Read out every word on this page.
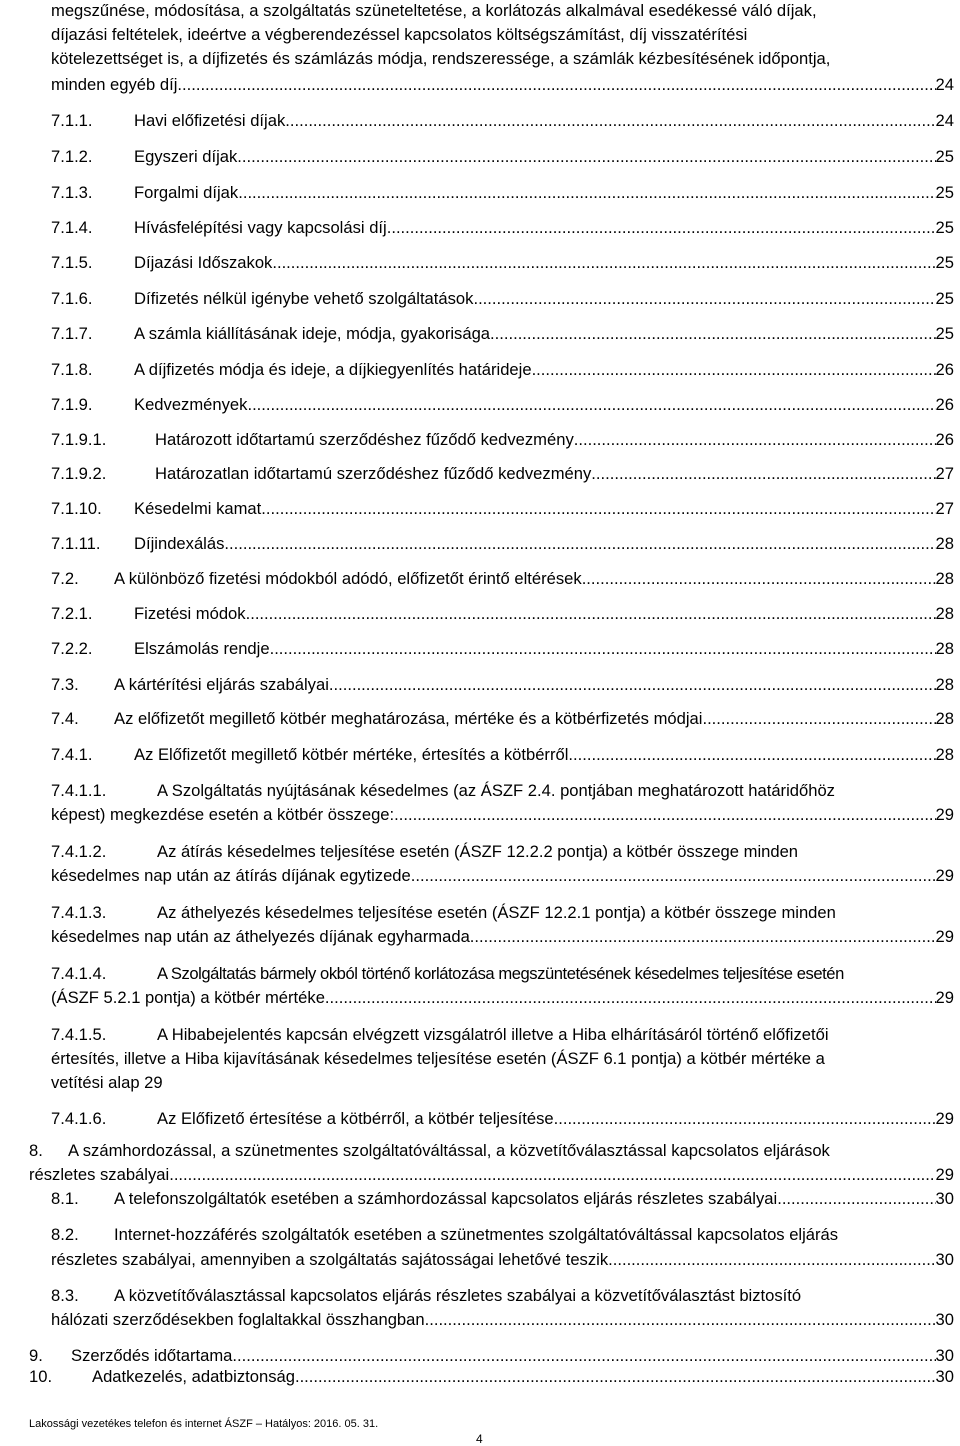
megszűnése, módosítása, a szolgáltatás szüneteltetése, a korlátozás alkalmával esedékessé váló díjak,
díjazási feltételek, ideértve a végberendezéssel kapcsolatos költségszámítást, díj visszatérítési
kötelezettséget is, a díjfizetés és számlázás módja, rendszeressége, a számlák kézbesítésének időpontja,
minden egyéb díj .....	24
7.1.1.	Havi előfizetési díjak .....	24
7.1.2.	Egyszeri díjak .....	25
7.1.3.	Forgalmi díjak .....	25
7.1.4.	Hívásfelépítési vagy kapcsolási díj .....	25
7.1.5.	Díjazási Időszakok .....	25
7.1.6.	Dífizetés nélkül igénybe vehető szolgáltatások .....	25
7.1.7.	A számla kiállításának ideje, módja, gyakorisága .....	25
7.1.8.	A díjfizetés módja és ideje, a díjkiegyenlítés határideje .....	26
7.1.9.	Kedvezmények .....	26
7.1.9.1.	Határozott időtartamú szerződéshez fűződő kedvezmény .....	26
7.1.9.2.	Határozatlan időtartamú szerződéshez fűződő kedvezmény .....	27
7.1.10.	Késedelmi kamat .....	27
7.1.11.	Díjindexálás .....	28
7.2.	A különböző fizetési módokból adódó, előfizetőt érintő eltérések .....	28
7.2.1.	Fizetési módok .....	28
7.2.2.	Elszámolás rendje .....	28
7.3.	A kártérítési eljárás szabályai .....	28
7.4.	Az előfizetőt megillető kötbér meghatározása, mértéke és a kötbérfizetés módjai .....	28
7.4.1.	Az Előfizetőt megillető kötbér mértéke, értesítés a kötbérről .....	28
7.4.1.1.	A Szolgáltatás nyújtásának késedelmes (az ÁSZF 2.4. pontjában meghatározott határidőhöz
képest) megkezdése esetén a kötbér összege: .....	29
7.4.1.2.	Az átírás késedelmes teljesítése esetén (ÁSZF 12.2.2 pontja) a kötbér összege minden
késedelmes nap után az átírás díjának egytizede. .....	29
7.4.1.3.	Az áthelyezés késedelmes teljesítése esetén (ÁSZF 12.2.1 pontja) a kötbér összege minden
késedelmes nap után az áthelyezés díjának egyharmada. .....	29
7.4.1.4.	A Szolgáltatás bármely okból történő korlátozása megszüntetésének késedelmes teljesítése esetén
(ÁSZF 5.2.1 pontja) a kötbér mértéke .....	29
7.4.1.5.	A Hibabejelentés kapcsán elvégzett vizsgálatról illetve a Hiba elhárításáról történő előfizetői
értesítés, illetve a Hiba kijavításának késedelmes teljesítése esetén (ÁSZF 6.1 pontja) a kötbér mértéke a
vetítési alap 29
7.4.1.6.	Az Előfizető értesítése a kötbérről, a kötbér teljesítése .....	29
8. A számhordozással, a szünetmentes szolgáltatóváltással, a közvetítőválasztással kapcsolatos eljárások
részletes szabályai .....	29
8.1.	A telefonszolgáltatók esetében a számhordozással kapcsolatos eljárás részletes szabályai .....	30
8.2. Internet-hozzáférés szolgáltatók esetében a szünetmentes szolgáltatóváltással kapcsolatos eljárás
részletes szabályai, amennyiben a szolgáltatás sajátosságai lehetővé teszik .....	30
8.3. A közvetítőválasztással kapcsolatos eljárás részletes szabályai a közvetítőválasztást biztosító
hálózati szerződésekben foglaltakkal összhangban .....	30
9.	Szerződés időtartama .....	30
10.	Adatkezelés, adatbiztonság .....	30
Lakossági vezetékes telefon és internet ÁSZF – Hatályos: 2016. 05. 31.
4
